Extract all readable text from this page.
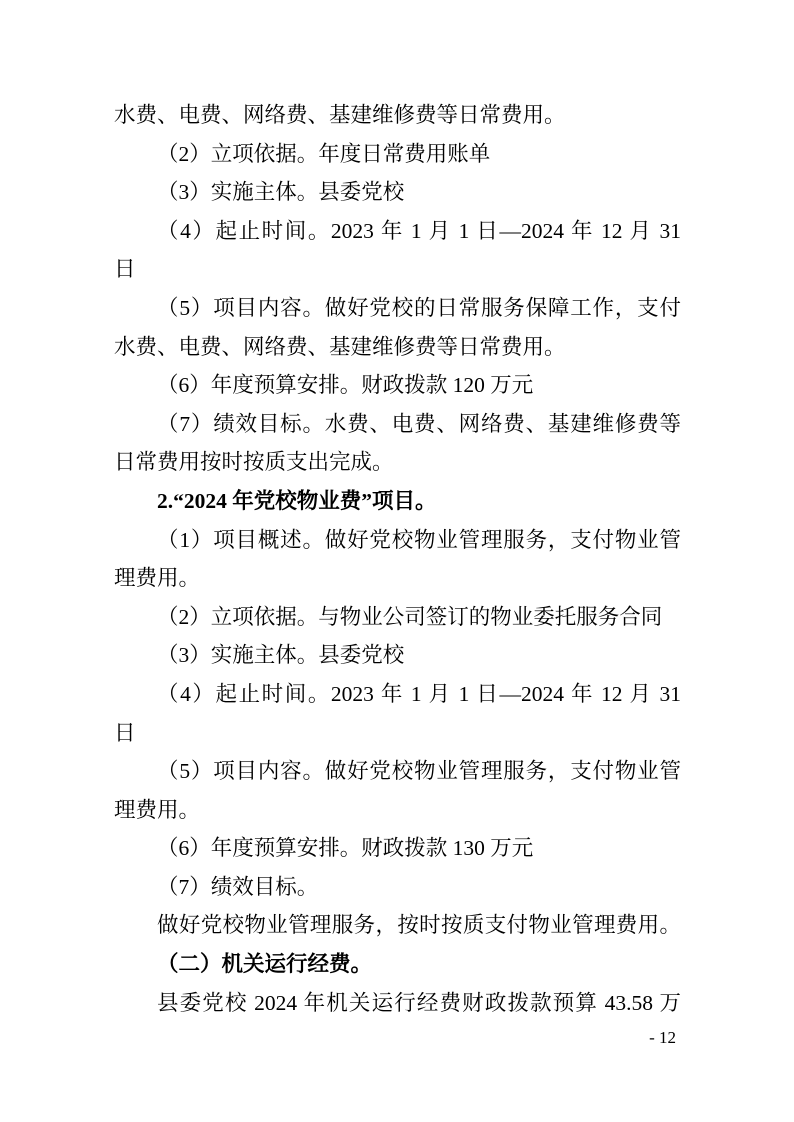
水费、电费、网络费、基建维修费等日常费用。

（2）立项依据。年度日常费用账单

（3）实施主体。县委党校

（4）起止时间。2023 年 1 月 1 日—2024 年 12 月 31
日

（5）项目内容。做好党校的日常服务保障工作，支付
水费、电费、网络费、基建维修费等日常费用。

（6）年度预算安排。财政拨款 120 万元

（7）绩效目标。水费、电费、网络费、基建维修费等
日常费用按时按质支出完成。

2.“2024 年党校物业费”项目。

（1）项目概述。做好党校物业管理服务，支付物业管
理费用。

（2）立项依据。与物业公司签订的物业委托服务合同

（3）实施主体。县委党校

（4）起止时间。2023 年 1 月 1 日—2024 年 12 月 31
日

（5）项目内容。做好党校物业管理服务，支付物业管
理费用。

（6）年度预算安排。财政拨款 130 万元

（7）绩效目标。

做好党校物业管理服务，按时按质支付物业管理费用。

（二）机关运行经费。

县委党校 2024 年机关运行经费财政拨款预算 43.58 万

- 12
